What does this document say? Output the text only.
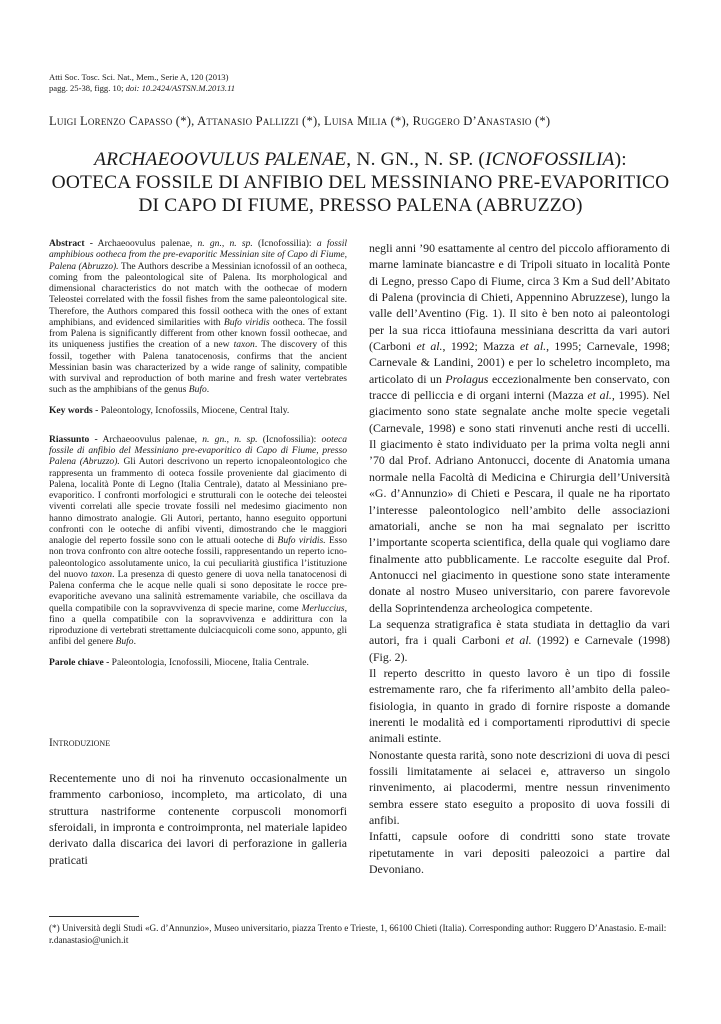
Atti Soc. Tosc. Sci. Nat., Mem., Serie A, 120 (2013)
pagg. 25-38, figg. 10; doi: 10.2424/ASTSN.M.2013.11
Luigi Lorenzo Capasso (*), Attanasio Pallizzi (*), Luisa Milia (*), Ruggero D’Anastasio (*)
ARCHAEOOVULUS PALENAE, N. GN., N. SP. (ICNOFOSSILIA):
OOTECA FOSSILE DI ANFIBIO DEL MESSINIANO PRE-EVAPORITICO
DI CAPO DI FIUME, PRESSO PALENA (ABRUZZO)

Abstract - Archaeoovulus palenae, n. gn., n. sp. (Icnofossilia): a fossil amphibious ootheca from the pre-evaporitic Messinian site of Capo di Fiume, Palena (Abruzzo). The Authors describe a Messinian icnofossil of an ootheca, coming from the paleontological site of Palena. Its morphological and dimensional characteristics do not match with the oothecae of modern Teleostei correlated with the fossil fishes from the same paleontological site. Therefore, the Authors compared this fossil ootheca with the ones of extant amphibians, and evidenced similarities with Bufo viridis ootheca. The fossil from Palena is significantly different from other known fossil oothecae, and its uniqueness justifies the creation of a new taxon. The discovery of this fossil, together with Palena tanatocenosis, confirms that the ancient Messinian basin was characterized by a wide range of salinity, compatible with survival and reproduction of both marine and fresh water vertebrates such as the amphibians of the genus Bufo.

Key words - Paleontology, Icnofossils, Miocene, Central Italy.

Riassunto - Archaeoovulus palenae, n. gn., n. sp. (Icnofossilia): ooteca fossile di anfibio del Messiniano pre-evaporitico di Capo di Fiume, presso Palena (Abruzzo). Gli Autori descrivono un reperto icnopaleontologico che rappresenta un frammento di ooteca fossile proveniente dal giacimento di Palena, località Ponte di Legno (Italia Centrale), datato al Messiniano pre-evaporitico. I confronti morfologici e strutturali con le ooteche dei teleostei viventi correlati alle specie trovate fossili nel medesimo giacimento non hanno dimostrato analogie. Gli Autori, pertanto, hanno eseguito opportuni confronti con le ooteche di anfibi viventi, dimostrando che le maggiori analogie del reperto fossile sono con le attuali ooteche di Bufo viridis. Esso non trova confronto con altre ooteche fossili, rappresentando un reperto icno-paleontologico assolutamente unico, la cui peculiarità giustifica l’istituzione del nuovo taxon. La presenza di questo genere di uova nella tanatocenosi di Palena conferma che le acque nelle quali si sono depositate le rocce pre-evaporitiche avevano una salinità estremamente variabile, che oscillava da quella compatibile con la sopravvivenza di specie marine, come Merluccius, fino a quella compatibile con la sopravvivenza e addirittura con la riproduzione di vertebrati strettamente dulciacquicoli come sono, appunto, gli anfibi del genere Bufo.

Parole chiave - Paleontologia, Icnofossili, Miocene, Italia Centrale.

Introduzione

Recentemente uno di noi ha rinvenuto occasionalmente un frammento carbonioso, incompleto, ma articolato, di una struttura nastriforme contenente corpuscoli monomorfi sferoidali, in impronta e controimpronta, nel materiale lapideo derivato dalla discarica dei lavori di perforazione in galleria praticati

negli anni ’90 esattamente al centro del piccolo affioramento di marne laminate biancastre e di Tripoli situato in località Ponte di Legno, presso Capo di Fiume, circa 3 Km a Sud dell’Abitato di Palena (provincia di Chieti, Appennino Abruzzese), lungo la valle dell’Aventino (Fig. 1). Il sito è ben noto ai paleontologi per la sua ricca ittiofauna messiniana descritta da vari autori (Carboni et al., 1992; Mazza et al., 1995; Carnevale, 1998; Carnevale & Landini, 2001) e per lo scheletro incompleto, ma articolato di un Prolagus eccezionalmente ben conservato, con tracce di pelliccia e di organi interni (Mazza et al., 1995). Nel giacimento sono state segnalate anche molte specie vegetali (Carnevale, 1998) e sono stati rinvenuti anche resti di uccelli. Il giacimento è stato individuato per la prima volta negli anni ’70 dal Prof. Adriano Antonucci, docente di Anatomia umana normale nella Facoltà di Medicina e Chirurgia dell’Università «G. d’Annunzio» di Chieti e Pescara, il quale ne ha riportato l’interesse paleontologico nell’ambito delle associazioni amatoriali, anche se non ha mai segnalato per iscritto l’importante scoperta scientifica, della quale qui vogliamo dare finalmente atto pubblicamente. Le raccolte eseguite dal Prof. Antonucci nel giacimento in questione sono state interamente donate al nostro Museo universitario, con parere favorevole della Soprintendenza archeologica competente.

La sequenza stratigrafica è stata studiata in dettaglio da vari autori, fra i quali Carboni et al. (1992) e Carnevale (1998) (Fig. 2).

Il reperto descritto in questo lavoro è un tipo di fossile estremamente raro, che fa riferimento all’ambito della paleo-fisiologia, in quanto in grado di fornire risposte a domande inerenti le modalità ed i comportamenti riproduttivi di specie animali estinte.

Nonostante questa rarità, sono note descrizioni di uova di pesci fossili limitatamente ai selacei e, attraverso un singolo rinvenimento, ai placodermi, mentre nessun rinvenimento sembra essere stato eseguito a proposito di uova fossili di anfibi.

Infatti, capsule oofore di condritti sono state trovate ripetutamente in vari depositi paleozoici a partire dal Devoniano.

(*) Università degli Studi «G. d’Annunzio», Museo universitario, piazza Trento e Trieste, 1, 66100 Chieti (Italia). Corresponding author: Ruggero D’Anastasio. E-mail: r.danastasio@unich.it
